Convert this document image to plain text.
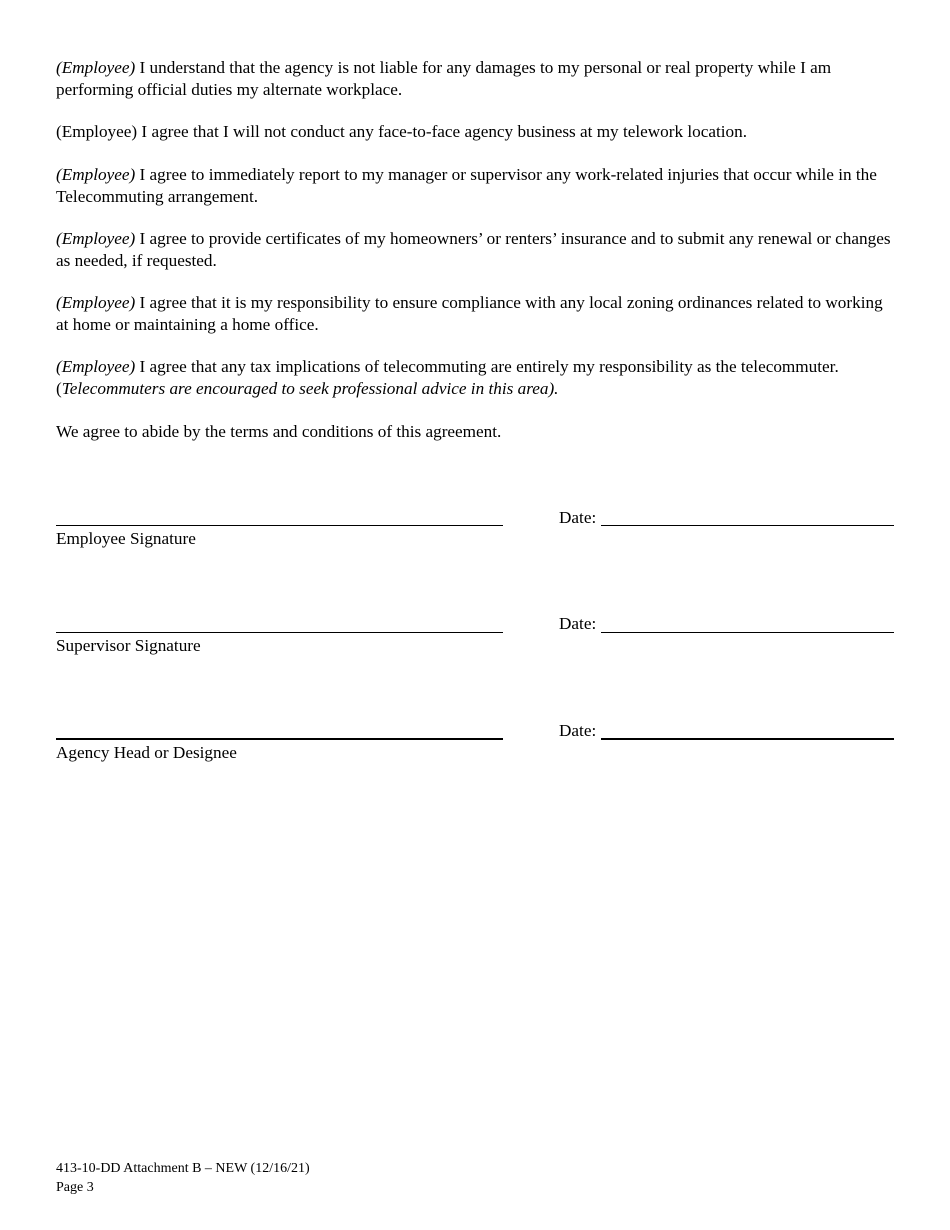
(Employee) I understand that the agency is not liable for any damages to my personal or real property while I am performing official duties my alternate workplace.

(Employee) I agree that I will not conduct any face-to-face agency business at my telework location.

(Employee) I agree to immediately report to my manager or supervisor any work-related injuries that occur while in the Telecommuting arrangement.

(Employee) I agree to provide certificates of my homeowners’ or renters’ insurance and to submit any renewal or changes as needed, if requested.

(Employee) I agree that it is my responsibility to ensure compliance with any local zoning ordinances related to working at home or maintaining a home office.

(Employee) I agree that any tax implications of telecommuting are entirely my responsibility as the telecommuter. (Telecommuters are encouraged to seek professional advice in this area).

We agree to abide by the terms and conditions of this agreement.

Employee Signature
Date:
Supervisor Signature
Date:
Agency Head or Designee
Date:
413-10-DD Attachment B – NEW (12/16/21)
Page 3
